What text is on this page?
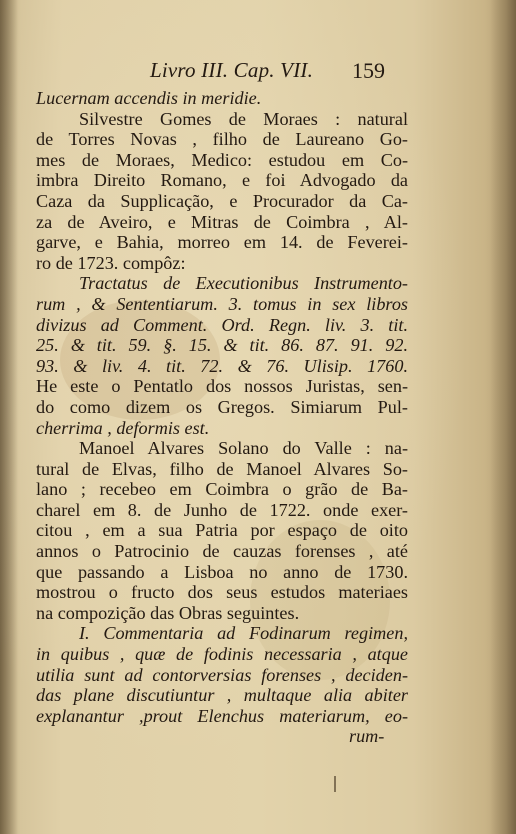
Livro III. Cap. VII. 159
Lucernam accendis in meridie.
Silvestre Gomes de Moraes : natural
de Torres Novas , filho de Laureano Go-
mes de Moraes, Medico: estudou em Co-
imbra Direito Romano, e foi Advogado da
Caza da Supplicação, e Procurador da Ca-
za de Aveiro, e Mitras de Coimbra , Al-
garve, e Bahia, morreo em 14. de Feverei-
ro de 1723. compôz:
Tractatus de Executionibus Instrumento-
rum , & Sententiarum. 3. tomus in sex libros
divizus ad Comment. Ord. Regn. liv. 3. tit.
25. & tit. 59. §. 15. & tit. 86. 87. 91. 92.
93. & liv. 4. tit. 72. & 76. Ulisip. 1760.
He este o Pentatlo dos nossos Juristas, sen-
do como dizem os Gregos. Simiarum Pul-
cherrima , deformis est.
Manoel Alvares Solano do Valle : na-
tural de Elvas, filho de Manoel Alvares So-
lano ; recebeo em Coimbra o grão de Ba-
charel em 8. de Junho de 1722. onde exer-
citou , em a sua Patria por espaço de oito
annos o Patrocinio de cauzas forenses , até
que passando a Lisboa no anno de 1730.
mostrou o fructo dos seus estudos materiaes
na compozição das Obras seguintes.
I. Commentaria ad Fodinarum regimen,
in quibus , quæ de fodinis necessaria , atque
utilia sunt ad contorversias forenses , deciden-
das plane discutiuntur , multaque alia abiter
explanantur ,prout Elenchus materiarum, eo-
rum-
